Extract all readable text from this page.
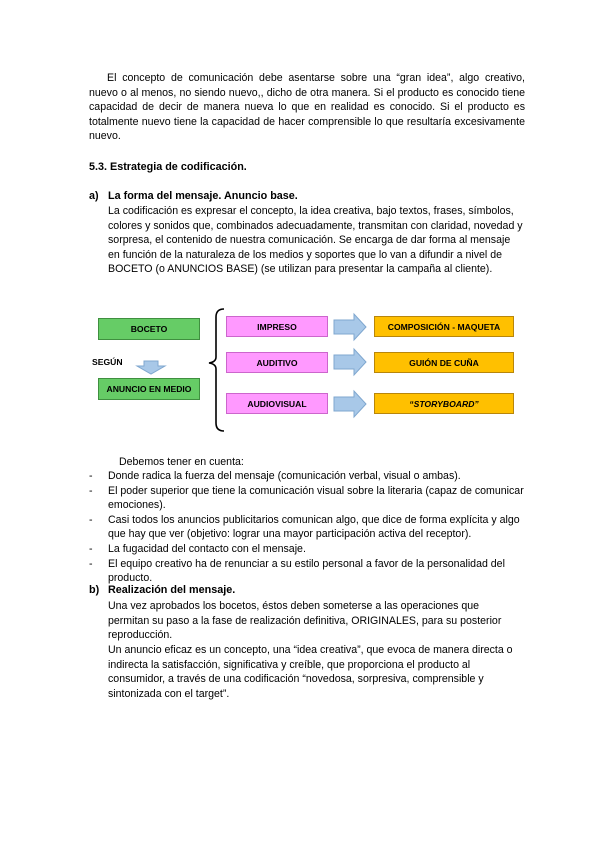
El concepto de comunicación debe asentarse sobre una “gran idea”, algo creativo, nuevo o al menos, no siendo nuevo,, dicho de otra manera. Si el producto es conocido tiene capacidad de decir de manera nueva lo que en realidad es conocido. Si el producto es totalmente nuevo tiene la capacidad de hacer comprensible lo que resultaría excesivamente nuevo.

5.3. Estrategia de codificación.
a) La forma del mensaje. Anuncio base.

La codificación es expresar el concepto, la idea creativa, bajo textos, frases, símbolos, colores y sonidos que, combinados adecuadamente, transmitan con claridad, novedad y sorpresa, el contenido de nuestra comunicación. Se encarga de dar forma al mensaje en función de la naturaleza de los medios y soportes que lo van a difundir a nivel de BOCETO (o ANUNCIOS BASE) (se utilizan para presentar la campaña al cliente).

BOCETO
SEGÚN
ANUNCIO EN MEDIO
IMPRESO
AUDITIVO
AUDIOVISUAL
COMPOSICIÓN - MAQUETA
GUIÓN DE CUÑA
“STORYBOARD”

Debemos tener en cuenta:

- Donde radica la fuerza del mensaje (comunicación verbal, visual o ambas).
- El poder superior que tiene la comunicación visual sobre la literaria (capaz de comunicar emociones).
- Casi todos los anuncios publicitarios comunican algo, que dice de forma explícita y algo que hay que ver (objetivo: lograr una mayor participación activa del receptor).
- La fugacidad del contacto con el mensaje.
- El equipo creativo ha de renunciar a su estilo personal a favor de la personalidad del producto.
b) Realización del mensaje.

Una vez aprobados los bocetos, éstos deben someterse a las operaciones que permitan su paso a la fase de realización definitiva, ORIGINALES, para su posterior reproducción.

Un anuncio eficaz es un concepto, una “idea creativa”, que evoca de manera directa o indirecta la satisfacción, significativa y creíble, que proporciona el producto al consumidor, a través de una codificación “novedosa, sorpresiva, comprensible y sintonizada con el target”.
